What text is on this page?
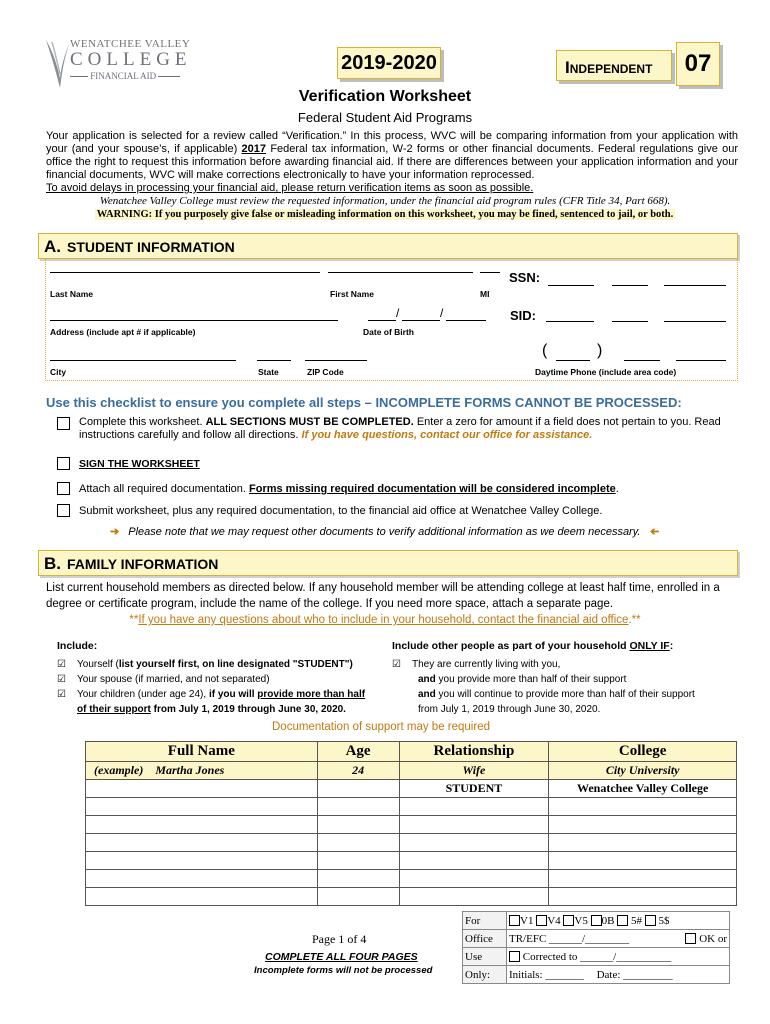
WENATCHEE VALLEY
COLLEGE
FINANCIAL AID
2019-2020	INDEPENDENT	07
Verification Worksheet
Federal Student Aid Programs
Your application is selected for a review called “Verification.” In this process, WVC will be comparing information from your application with your (and your spouse’s, if applicable) 2017 Federal tax information, W-2 forms or other financial documents. Federal regulations give our office the right to request this information before awarding financial aid. If there are differences between your application information and your financial documents, WVC will make corrections electronically to have your information reprocessed.
To avoid delays in processing your financial aid, please return verification items as soon as possible.
Wenatchee Valley College must review the requested information, under the financial aid program rules (CFR Title 34, Part 668).
WARNING: If you purposely give false or misleading information on this worksheet, you may be fined, sentenced to jail, or both.
A. STUDENT INFORMATION
SSN:
Last Name	First Name	MI
/	/	SID:
Address (include apt # if applicable)	Date of Birth
(	)
City	State	ZIP Code	Daytime Phone (include area code)
Use this checklist to ensure you complete all steps – INCOMPLETE FORMS CANNOT BE PROCESSED:
Complete this worksheet. ALL SECTIONS MUST BE COMPLETED. Enter a zero for amount if a field does not pertain to you. Read instructions carefully and follow all directions. If you have questions, contact our office for assistance.
SIGN THE WORKSHEET
Attach all required documentation. Forms missing required documentation will be considered incomplete.
Submit worksheet, plus any required documentation, to the financial aid office at Wenatchee Valley College.
➔ Please note that we may request other documents to verify additional information as we deem necessary. ➔
B. FAMILY INFORMATION
List current household members as directed below. If any household member will be attending college at least half time, enrolled in a degree or certificate program, include the name of the college. If you need more space, attach a separate page.
**If you have any questions about who to include in your household, contact the financial aid office.**
Include:
☑ Yourself (list yourself first, on line designated "STUDENT")
☑ Your spouse (if married, and not separated)
☑ Your children (under age 24), if you will provide more than half
of their support from July 1, 2019 through June 30, 2020.
Include other people as part of your household ONLY IF:
☑ They are currently living with you,
and you provide more than half of their support
and you will continue to provide more than half of their support
from July 1, 2019 through June 30, 2020.
Documentation of support may be required
Full Name	Age	Relationship	College
(example) Martha Jones	24	Wife	City University
		STUDENT	Wenatchee Valley College

Page 1 of 4
COMPLETE ALL FOUR PAGES
Incomplete forms will not be processed
For	V1 V4 V5 0B 5# 5$
Office	TR/EFC ______/________ OK or

Use	Corrected to ______/__________
Only:	Initials: _______ Date: _________
